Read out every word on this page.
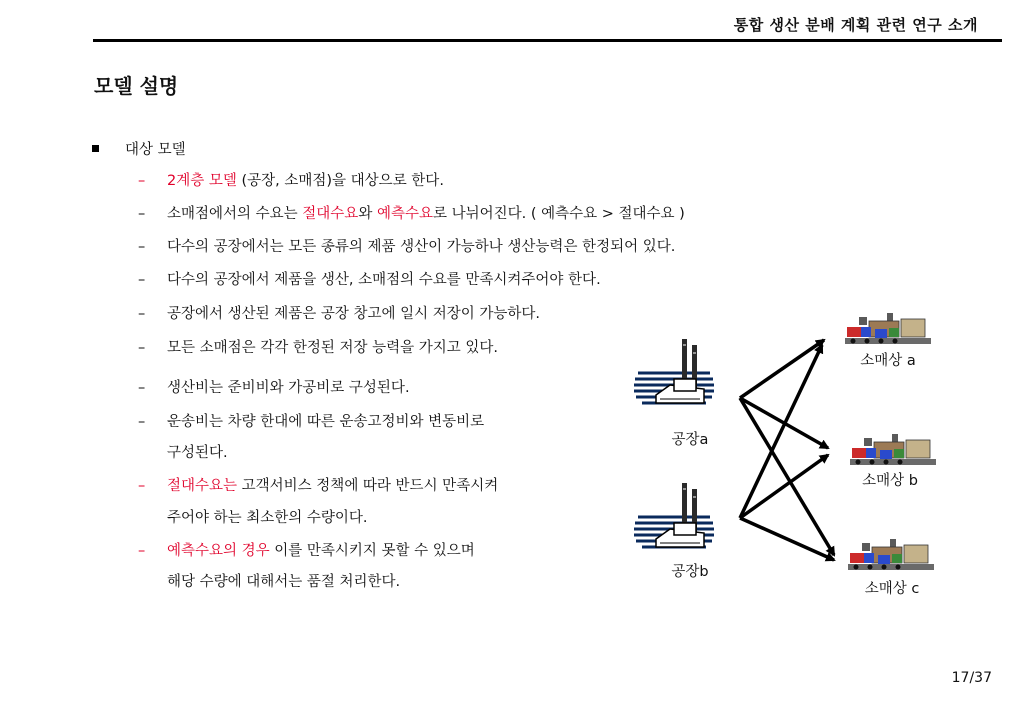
통합 생산 분배 계획 관련 연구 소개
모델 설명
대상 모델
–	2계층 모델 (공장, 소매점)을 대상으로 한다.
–	소매점에서의 수요는 절대수요와 예측수요로 나뉘어진다. ( 예측수요 > 절대수요 )
–	다수의 공장에서는 모든 종류의 제품 생산이 가능하나 생산능력은 한정되어 있다.
–	다수의 공장에서 제품을 생산, 소매점의 수요를 만족시켜주어야 한다.
–	공장에서 생산된 제품은 공장 창고에 일시 저장이 가능하다.
–	모든 소매점은 각각 한정된 저장 능력을 가지고 있다.
–	생산비는 준비비와 가공비로 구성된다.
–	운송비는 차량 한대에 따른 운송고정비와 변동비로
구성된다.
–	절대수요는 고객서비스 정책에 따라 반드시 만족시켜
주어야 하는 최소한의 수량이다.
–	예측수요의 경우 이를 만족시키지 못할 수 있으며
해당 수량에 대해서는 품절 처리한다.
공장a
공장b
소매상 a
소매상 b
소매상 c
17/37
